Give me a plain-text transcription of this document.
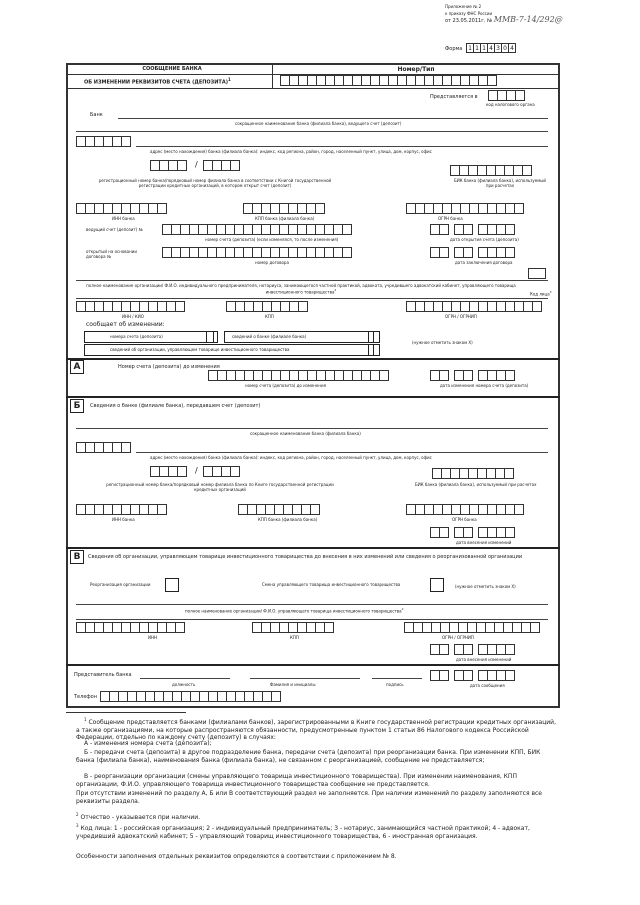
Приложение № 2
к приказу ФНС России
от 23.05.2011г. № ММВ-7-14/292@
Форма 1 1 1 4 3 0 4
СООБЩЕНИЕ БАНКА
ОБ ИЗМЕНЕНИИ РЕКВИЗИТОВ СЧЕТА (ДЕПОЗИТА)$^1$
Номер/Тип
Представляется в
код налогового органа
Банк
сокращенное наименование банка (филиала банка), ведущего счет (депозит)
адрес (место нахождения) банка (филиала банка): индекс, код региона, район, город, населенный пункт, улица, дом, корпус, офис
/
регистрационный номер банка/порядковый номер филиала банка в соответствии с Книгой государственной регистрации кредитных организаций, в котором открыт счет (депозит)
БИК банка (филиала банка), используемый при расчетах
ИНН банка	КПП банка (филиала банка)	ОГРН банка
ведущий счет (депозит) №
номер счета (депозита) (если изменялся, то после изменения)	дата открытия счета (депозита)
открытый на основании договора №
номер договора	дата заключения договора
полное наименование организации/ Ф.И.О. индивидуального предпринимателя, нотариуса, занимающегося частной практикой, адвоката, учредившего адвокатский кабинет, управляющего товарища инвестиционного товарищества$^2$
Код лица$^3$
ИНН / КИО	КПП	ОГРН / ОГРНИП
сообщает об изменении:
номера счета (депозита)	сведений о банке (филиале банка)
(нужное отметить знаком X)
сведений об организации, управляющем товарище инвестиционного товарищества
А	Номер счета (депозита) до изменения
номер счета (депозита) до изменения	дата изменения номера счета (депозита)
Б	Сведения о банке (филиале банка), передавшем счет (депозит)
сокращенное наименование банка (филиала банка)
адрес (место нахождения) банка (филиала банка): индекс, код региона, район, город, населенный пункт, улица, дом, корпус, офис
/
регистрационный номер банка/порядковый номер филиала банка по Книге государственной регистрации кредитных организаций
БИК банка (филиала банка), используемый при расчетах
ИНН банка	КПП банка (филиала банка)	ОГРН банка
дата внесения изменений
В	Сведения об организации, управляющем товарище инвестиционного товарищества до внесения в них изменений или сведения о реорганизованной организации
Реорганизация организации	Смена управляющего товарища инвестиционного товарищества	(нужное отметить знаком X)
полное наименование организации/ Ф.И.О. управляющего товарища инвестиционного товарищества$^2$
ИНН	КПП	ОГРН / ОГРНИП
дата внесения изменений
Представитель банка
должность	Фамилия и инициалы	подпись	дата сообщения
Телефон
$^1$ Сообщение представляется банками (филиалами банков), зарегистрированными в Книге государственной регистрации кредитных организаций, а также организациями, на которые распространяются обязанности, предусмотренные пунктом 1 статьи 86 Налогового кодекса Российской Федерации, отдельно по каждому счету (депозиту) в случаях:
А - изменения номера счета (депозита);
Б - передачи счета (депозита) в другое подразделение банка, передачи счета (депозита) при реорганизации банка. При изменении КПП, БИК банка (филиала банка), наименования банка (филиала банка), не связанном с реорганизацией, сообщение не представляется;
В - реорганизации организации (смены управляющего товарища инвестиционного товарищества). При изменении наименования, КПП организации, Ф.И.О. управляющего товарища инвестиционного товарищества сообщение не представляется.
При отсутствии изменений по разделу А, Б или В соответствующий раздел не заполняется. При наличии изменений по разделу заполняются все реквизиты раздела.
$^2$ Отчество - указывается при наличии.
$^3$ Код лица: 1 - российская организация; 2 - индивидуальный предприниматель; 3 - нотариус, занимающийся частной практикой; 4 - адвокат, учредивший адвокатский кабинет; 5 - управляющий товарищ инвестиционного товарищества, 6 - иностранная организация.
Особенности заполнения отдельных реквизитов определяются в соответствии с приложением № 8.
